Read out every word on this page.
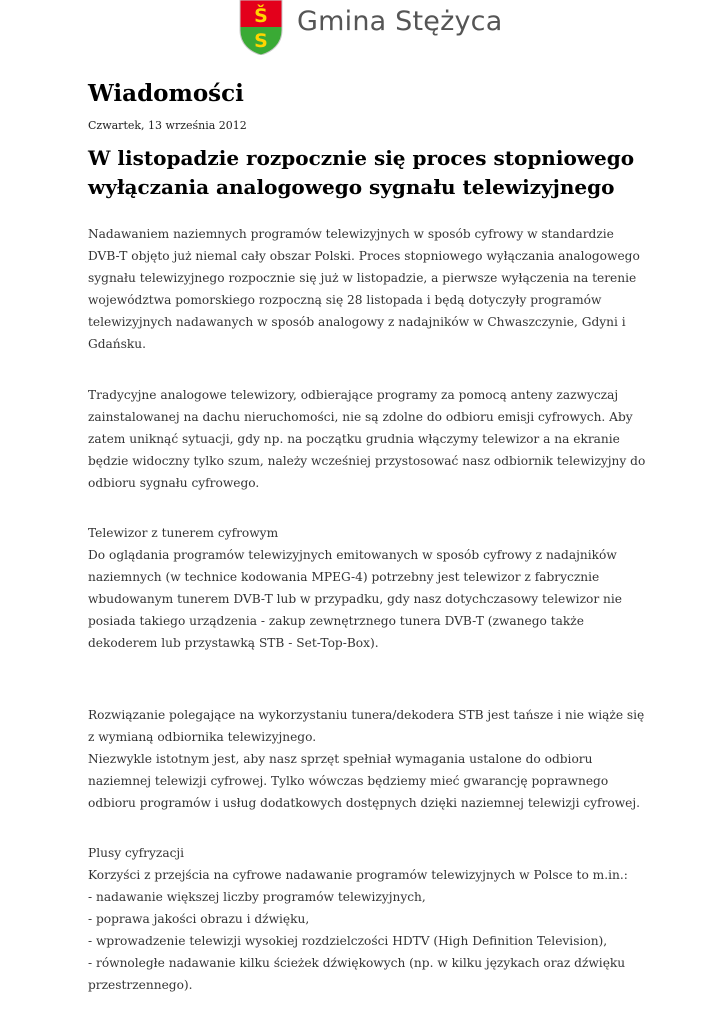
Š
S
Gmina Stężyca
Wiadomości
Czwartek, 13 września 2012
W listopadzie rozpocznie się proces stopniowego wyłączania analogowego sygnału telewizyjnego

Nadawaniem naziemnych programów telewizyjnych w sposób cyfrowy w standardzie DVB-T objęto już niemal cały obszar Polski. Proces stopniowego wyłączania analogowego sygnału telewizyjnego rozpocznie się już w listopadzie, a pierwsze wyłączenia na terenie województwa pomorskiego rozpoczną się 28 listopada i będą dotyczyły programów telewizyjnych nadawanych w sposób analogowy z nadajników w Chwaszczynie, Gdyni i Gdańsku.

Tradycyjne analogowe telewizory, odbierające programy za pomocą anteny zazwyczaj zainstalowanej na dachu nieruchomości, nie są zdolne do odbioru emisji cyfrowych. Aby zatem uniknąć sytuacji, gdy np. na początku grudnia włączymy telewizor a na ekranie będzie widoczny tylko szum, należy wcześniej przystosować nasz odbiornik telewizyjny do odbioru sygnału cyfrowego.

Telewizor z tunerem cyfrowym
Do oglądania programów telewizyjnych emitowanych w sposób cyfrowy z nadajników naziemnych (w technice kodowania MPEG-4) potrzebny jest telewizor z fabrycznie wbudowanym tunerem DVB-T lub w przypadku, gdy nasz dotychczasowy telewizor nie posiada takiego urządzenia - zakup zewnętrznego tunera DVB-T (zwanego także dekoderem lub przystawką STB - Set-Top-Box).

Rozwiązanie polegające na wykorzystaniu tunera/dekodera STB jest tańsze i nie wiąże się z wymianą odbiornika telewizyjnego.
Niezwykle istotnym jest, aby nasz sprzęt spełniał wymagania ustalone do odbioru naziemnej telewizji cyfrowej. Tylko wówczas będziemy mieć gwarancję poprawnego odbioru programów i usług dodatkowych dostępnych dzięki naziemnej telewizji cyfrowej.

Plusy cyfryzacji
Korzyści z przejścia na cyfrowe nadawanie programów telewizyjnych w Polsce to m.in.:
- nadawanie większej liczby programów telewizyjnych,
- poprawa jakości obrazu i dźwięku,
- wprowadzenie telewizji wysokiej rozdzielczości HDTV (High Definition Television),
- równoległe nadawanie kilku ścieżek dźwiękowych (np. w kilku językach oraz dźwięku przestrzennego).
